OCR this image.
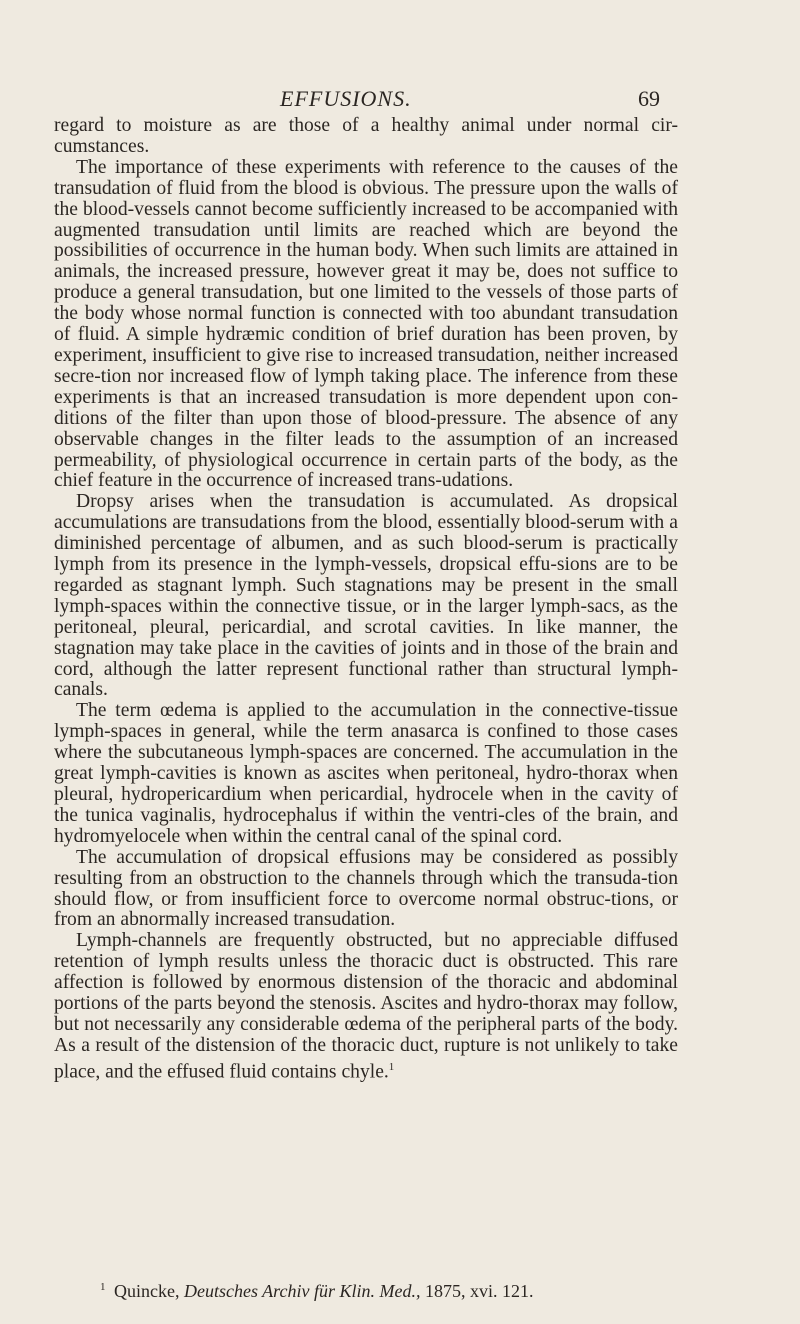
EFFUSIONS.	69

regard to moisture as are those of a healthy animal under normal cir-cumstances.

The importance of these experiments with reference to the causes of the transudation of fluid from the blood is obvious. The pressure upon the walls of the blood-vessels cannot become sufficiently increased to be accompanied with augmented transudation until limits are reached which are beyond the possibilities of occurrence in the human body. When such limits are attained in animals, the increased pressure, however great it may be, does not suffice to produce a general transudation, but one limited to the vessels of those parts of the body whose normal function is connected with too abundant transudation of fluid. A simple hydræmic condition of brief duration has been proven, by experiment, insufficient to give rise to increased transudation, neither increased secre-tion nor increased flow of lymph taking place. The inference from these experiments is that an increased transudation is more dependent upon con-ditions of the filter than upon those of blood-pressure. The absence of any observable changes in the filter leads to the assumption of an increased permeability, of physiological occurrence in certain parts of the body, as the chief feature in the occurrence of increased trans-udations.

Dropsy arises when the transudation is accumulated. As dropsical accumulations are transudations from the blood, essentially blood-serum with a diminished percentage of albumen, and as such blood-serum is practically lymph from its presence in the lymph-vessels, dropsical effu-sions are to be regarded as stagnant lymph. Such stagnations may be present in the small lymph-spaces within the connective tissue, or in the larger lymph-sacs, as the peritoneal, pleural, pericardial, and scrotal cavities. In like manner, the stagnation may take place in the cavities of joints and in those of the brain and cord, although the latter represent functional rather than structural lymph-canals.

The term œdema is applied to the accumulation in the connective-tissue lymph-spaces in general, while the term anasarca is confined to those cases where the subcutaneous lymph-spaces are concerned. The accumulation in the great lymph-cavities is known as ascites when peritoneal, hydro-thorax when pleural, hydropericardium when pericardial, hydrocele when in the cavity of the tunica vaginalis, hydrocephalus if within the ventri-cles of the brain, and hydromyelocele when within the central canal of the spinal cord.

The accumulation of dropsical effusions may be considered as possibly resulting from an obstruction to the channels through which the transuda-tion should flow, or from insufficient force to overcome normal obstruc-tions, or from an abnormally increased transudation.

Lymph-channels are frequently obstructed, but no appreciable diffused retention of lymph results unless the thoracic duct is obstructed. This rare affection is followed by enormous distension of the thoracic and abdominal portions of the parts beyond the stenosis. Ascites and hydro-thorax may follow, but not necessarily any considerable œdema of the peripheral parts of the body. As a result of the distension of the thoracic duct, rupture is not unlikely to take place, and the effused fluid contains chyle.$^1$

$^1$ Quincke, Deutsches Archiv für Klin. Med., 1875, xvi. 121.
